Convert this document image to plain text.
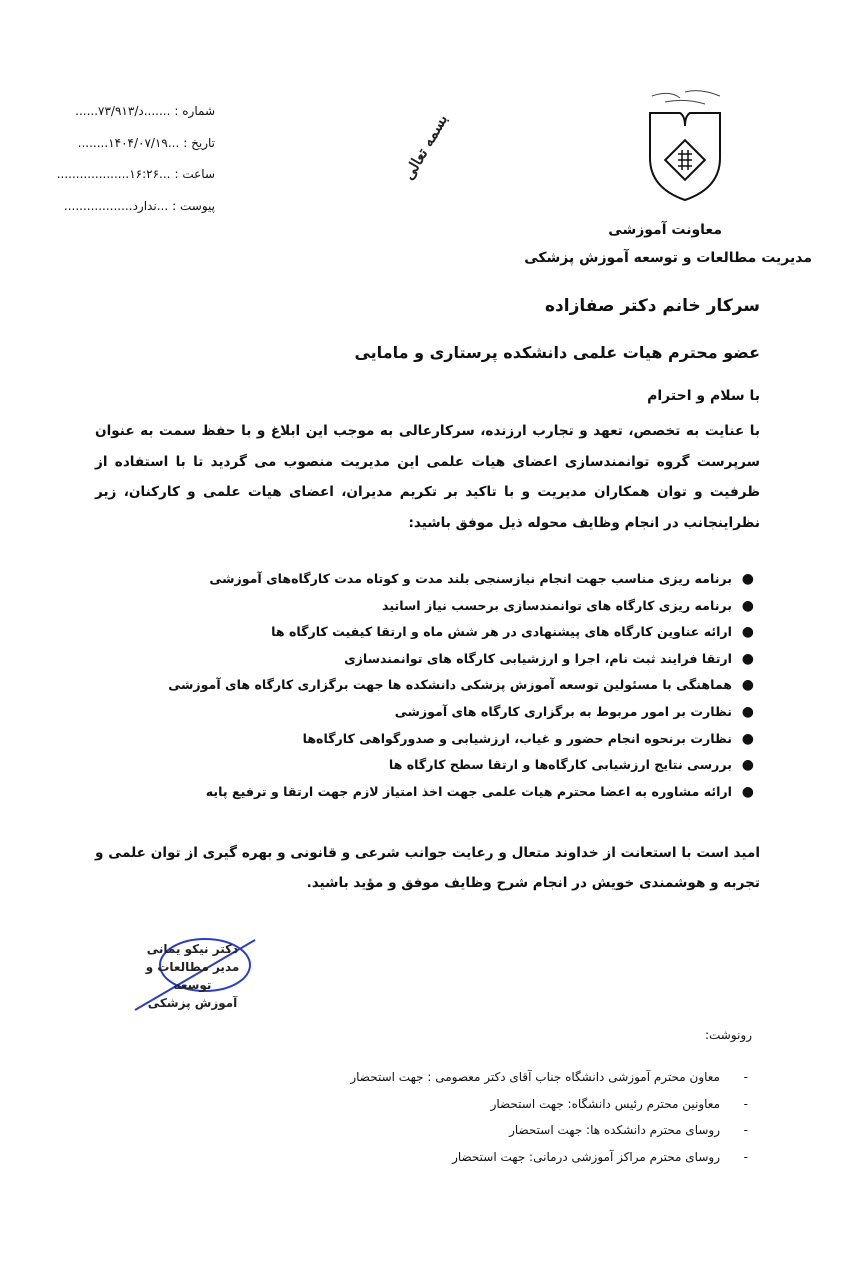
شماره :
......د/۷۳/۹۱۳.......
تاریخ :
........۱۴۰۴/۰۷/۱۹...
ساعت :
...................۱۶:۲۶...
پیوست :
..................ندارد...
بسمه تعالی
معاونت آموزشی
مدیریت مطالعات و توسعه آموزش پزشکی
سرکار خانم دکتر صفازاده
عضو محترم هیات علمی دانشکده پرستاری و مامایی
با سلام و احترام
با عنایت به تخصص، تعهد و تجارب ارزنده، سرکارعالی به موجب این ابلاغ و با حفظ سمت به عنوان سرپرست گروه توانمندسازی اعضای هیات علمی این مدیریت منصوب می گردید تا با استفاده از ظرفیت و توان همکاران مدیریت و با تاکید بر تکریم مدیران، اعضای هیات علمی و کارکنان، زیر نظراینجانب در انجام وظایف محوله ذیل موفق باشید:
●
برنامه ریزی مناسب جهت انجام نیازسنجی بلند مدت و کوتاه مدت کارگاه‌های آموزشی
●
برنامه ریزی کارگاه های توانمندسازی برحسب نیاز اساتید
●
ارائه عناوین کارگاه های پیشنهادی در هر شش ماه و ارتقا کیفیت کارگاه ها
●
ارتقا فرایند ثبت نام، اجرا و ارزشیابی کارگاه های توانمندسازی
●
هماهنگی با مسئولین توسعه آموزش پزشکی دانشکده ها جهت برگزاری کارگاه های آموزشی
●
نظارت بر امور مربوط به برگزاری کارگاه های آموزشی
●
نظارت برنحوه انجام حضور و غیاب، ارزشیابی و صدورگواهی کارگاه‌ها
●
بررسی نتایج ارزشیابی کارگاه‌ها و ارتقا سطح کارگاه ها
●
ارائه مشاوره به اعضا محترم هیات علمی جهت اخذ امتیاز لازم جهت ارتقا و ترفیع پایه
امید است با استعانت از خداوند متعال و رعایت جوانب شرعی و قانونی و بهره گیری از توان علمی و تجربه و هوشمندی خویش در انجام شرح وظایف موفق و مؤید باشید.
دکتر نیکو یمانی
مدیر مطالعات و توسعه
آموزش پزشکی
رونوشت:
-
معاون محترم آموزشی دانشگاه جناب آقای دکتر معصومی : جهت استحضار
-
معاونین محترم رئیس دانشگاه: جهت استحضار
-
روسای محترم دانشکده ها: جهت استحضار
-
روسای محترم مراکز آموزشی درمانی: جهت استحضار
